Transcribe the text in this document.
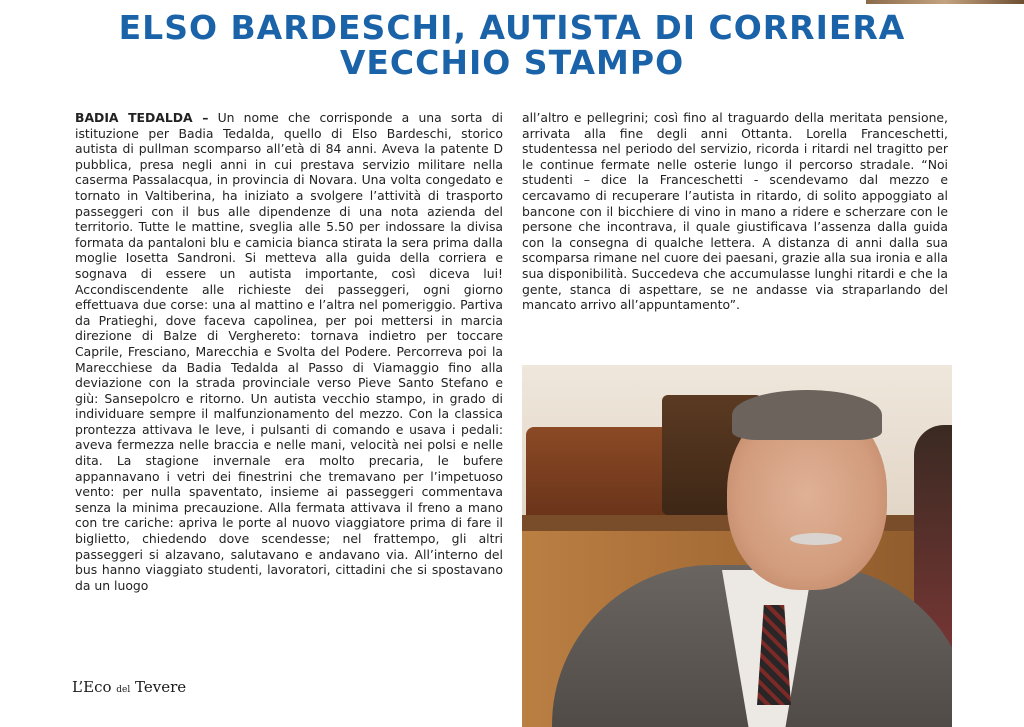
ELSO BARDESCHI, AUTISTA DI CORRIERA
VECCHIO STAMPO

BADIA TEDALDA – Un nome che corrisponde a una sorta di istituzione per Badia Tedalda, quello di Elso Bardeschi, storico autista di pullman scomparso all’età di 84 anni. Aveva la patente D pubblica, presa negli anni in cui prestava servizio militare nella caserma Passalacqua, in provincia di Novara. Una volta congedato e tornato in Valtiberina, ha iniziato a svolgere l’attività di trasporto passeggeri con il bus alle dipendenze di una nota azienda del territorio. Tutte le mattine, sveglia alle 5.50 per indossare la divisa formata da pantaloni blu e camicia bianca stirata la sera prima dalla moglie Iosetta Sandroni. Si metteva alla guida della corriera e sognava di essere un autista importante, così diceva lui! Accondiscendente alle richieste dei passeggeri, ogni giorno effettuava due corse: una al mattino e l’altra nel pomeriggio. Partiva da Pratieghi, dove faceva capolinea, per poi mettersi in marcia direzione di Balze di Verghereto: tornava indietro per toccare Caprile, Fresciano, Marecchia e Svolta del Podere. Percorreva poi la Marecchiese da Badia Tedalda al Passo di Viamaggio fino alla deviazione con la strada provinciale verso Pieve Santo Stefano e giù: Sansepolcro e ritorno. Un autista vecchio stampo, in grado di individuare sempre il malfunzionamento del mezzo. Con la classica prontezza attivava le leve, i pulsanti di comando e usava i pedali: aveva fermezza nelle braccia e nelle mani, velocità nei polsi e nelle dita. La stagione invernale era molto precaria, le bufere appannavano i vetri dei finestrini che tremavano per l’impetuoso vento: per nulla spaventato, insieme ai passeggeri commentava senza la minima precauzione. Alla fermata attivava il freno a mano con tre cariche: apriva le porte al nuovo viaggiatore prima di fare il biglietto, chiedendo dove scendesse; nel frattempo, gli altri passeggeri si alzavano, salutavano e andavano via. All’interno del bus hanno viaggiato studenti, lavoratori, cittadini che si spostavano da un luogo

all’altro e pellegrini; così fino al traguardo della meritata pensione, arrivata alla fine degli anni Ottanta. Lorella Franceschetti, studentessa nel periodo del servizio, ricorda i ritardi nel tragitto per le continue fermate nelle osterie lungo il percorso stradale. “Noi studenti – dice la Franceschetti - scendevamo dal mezzo e cercavamo di recuperare l’autista in ritardo, di solito appoggiato al bancone con il bicchiere di vino in mano a ridere e scherzare con le persone che incontrava, il quale giustificava l’assenza dalla guida con la consegna di qualche lettera. A distanza di anni dalla sua scomparsa rimane nel cuore dei paesani, grazie alla sua ironia e alla sua disponibilità. Succedeva che accumulasse lunghi ritardi e che la gente, stanca di aspettare, se ne andasse via straparlando del mancato arrivo all’appuntamento”.

L’Eco del Tevere
